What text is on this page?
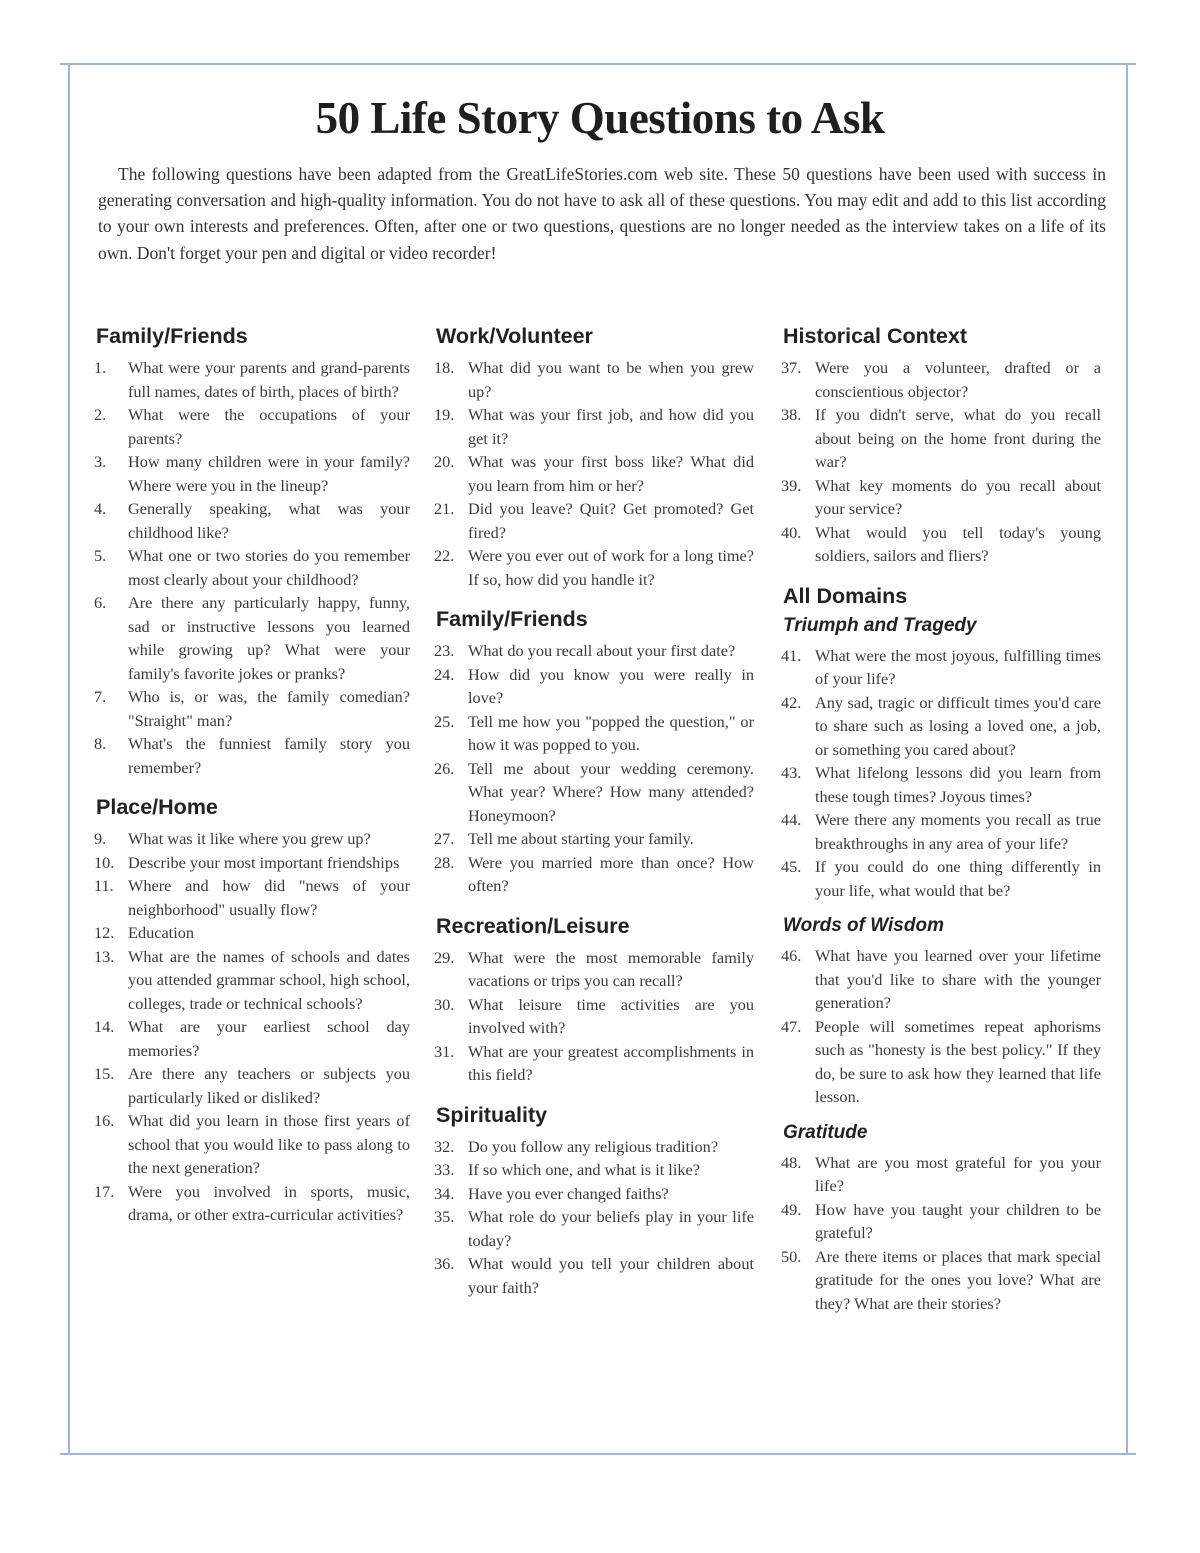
50 Life Story Questions to Ask

The following questions have been adapted from the GreatLifeStories.com web site. These 50 questions have been used with success in generating conversation and high-quality information. You do not have to ask all of these questions. You may edit and add to this list according to your own interests and preferences. Often, after one or two questions, questions are no longer needed as the interview takes on a life of its own. Don't forget your pen and digital or video recorder!

Family/Friends
1.	What were your parents and grand-parents full names, dates of birth, places of birth?
2.	What were the occupations of your parents?
3.	How many children were in your family? Where were you in the lineup?
4.	Generally speaking, what was your childhood like?
5.	What one or two stories do you remember most clearly about your childhood?
6.	Are there any particularly happy, funny, sad or instructive lessons you learned while growing up? What were your family's favorite jokes or pranks?
7.	Who is, or was, the family comedian? "Straight" man?
8.	What's the funniest family story you remember?
Place/Home
9.	What was it like where you grew up?
10. Describe your most important friendships
11. Where and how did "news of your neighborhood" usually flow?
12. Education
13. What are the names of schools and dates you attended grammar school, high school, colleges, trade or technical schools?
14. What are your earliest school day memories?
15. Are there any teachers or subjects you particularly liked or disliked?
16. What did you learn in those first years of school that you would like to pass along to the next generation?
17. Were you involved in sports, music, drama, or other extra-curricular activities?
Work/Volunteer
18. What did you want to be when you grew up?
19. What was your first job, and how did you get it?
20. What was your first boss like? What did you learn from him or her?
21. Did you leave? Quit? Get promoted? Get fired?
22. Were you ever out of work for a long time? If so, how did you handle it?
Family/Friends
23. What do you recall about your first date?
24. How did you know you were really in love?
25. Tell me how you "popped the question," or how it was popped to you.
26. Tell me about your wedding ceremony. What year? Where? How many attended? Honeymoon?
27. Tell me about starting your family.
28. Were you married more than once? How often?
Recreation/Leisure
29. What were the most memorable family vacations or trips you can recall?
30. What leisure time activities are you involved with?
31. What are your greatest accomplishments in this field?
Spirituality
32. Do you follow any religious tradition?
33. If so which one, and what is it like?
34. Have you ever changed faiths?
35. What role do your beliefs play in your life today?
36. What would you tell your children about your faith?
Historical Context
37. Were you a volunteer, drafted or a conscientious objector?
38. If you didn't serve, what do you recall about being on the home front during the war?
39. What key moments do you recall about your service?
40. What would you tell today's young soldiers, sailors and fliers?
All Domains
Triumph and Tragedy
41. What were the most joyous, fulfilling times of your life?
42. Any sad, tragic or difficult times you'd care to share such as losing a loved one, a job, or something you cared about?
43. What lifelong lessons did you learn from these tough times? Joyous times?
44. Were there any moments you recall as true breakthroughs in any area of your life?
45. If you could do one thing differently in your life, what would that be?
Words of Wisdom
46. What have you learned over your lifetime that you'd like to share with the younger generation?
47. People will sometimes repeat aphorisms such as "honesty is the best policy." If they do, be sure to ask how they learned that life lesson.
Gratitude
48. What are you most grateful for you your life?
49. How have you taught your children to be grateful?
50. Are there items or places that mark special gratitude for the ones you love? What are they? What are their stories?
